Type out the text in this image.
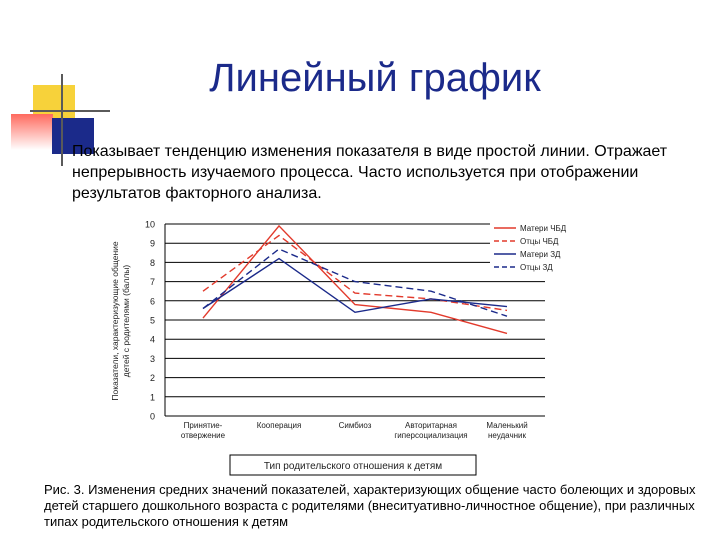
Линейный график
Показывает тенденцию изменения показателя в виде простой линии. Отражает непрерывность изучаемого процесса. Часто используется при отображении результатов факторного анализа.
0
1
2
3
4
5
6
7
8
9
10
Принятие-
отвержение
Кооперация	Симбиоз	Авторитарная
гиперсоциализация
Маленький
неудачник
Матери ЧБД
Отцы ЧБД
Матери ЗД
Отцы ЗД
Показатели, характеризующие общениедетей с родителями (баллы)
Тип родительского отношения к детям
Рис. 3. Изменения средних значений показателей, характеризующих общение часто болеющих и здоровых детей старшего дошкольного возраста с родителями (внеситуативно-личностное общение), при различных типах родительского отношения к детям
